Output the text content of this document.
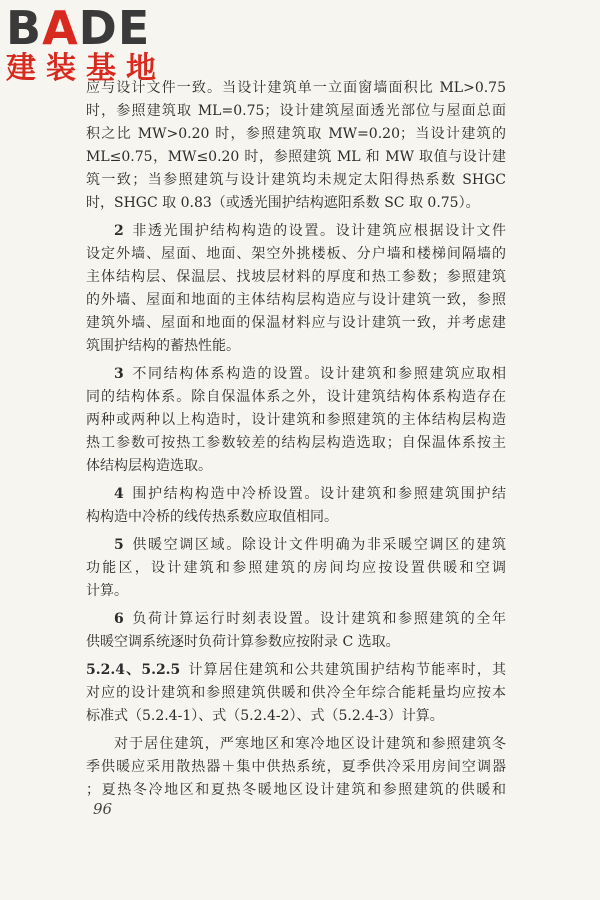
BADE
建装基地
应与设计文件一致。当设计建筑单一立面窗墙面积比 ML>0.75
时，参照建筑取 ML=0.75；设计建筑屋面透光部位与屋面总面
积之比 MW>0.20 时，参照建筑取 MW=0.20；当设计建筑的
ML≤0.75，MW≤0.20 时，参照建筑 ML 和 MW 取值与设计建
筑一致；当参照建筑与设计建筑均未规定太阳得热系数 SHGC
时，SHGC 取 0.83（或透光围护结构遮阳系数 SC 取 0.75）。
2  非透光围护结构构造的设置。设计建筑应根据设计文件
设定外墙、屋面、地面、架空外挑楼板、分户墙和楼梯间隔墙的
主体结构层、保温层、找坡层材料的厚度和热工参数；参照建筑
的外墙、屋面和地面的主体结构层构造应与设计建筑一致，参照
建筑外墙、屋面和地面的保温材料应与设计建筑一致，并考虑建
筑围护结构的蓄热性能。
3  不同结构体系构造的设置。设计建筑和参照建筑应取相
同的结构体系。除自保温体系之外，设计建筑结构体系构造存在
两种或两种以上构造时，设计建筑和参照建筑的主体结构层构造
热工参数可按热工参数较差的结构层构造选取；自保温体系按主
体结构层构造选取。
4  围护结构构造中冷桥设置。设计建筑和参照建筑围护结
构构造中冷桥的线传热系数应取值相同。
5  供暖空调区域。除设计文件明确为非采暖空调区的建筑
功能区，设计建筑和参照建筑的房间均应按设置供暖和空调
计算。
6  负荷计算运行时刻表设置。设计建筑和参照建筑的全年
供暖空调系统逐时负荷计算参数应按附录 C 选取。
5.2.4、5.2.5  计算居住建筑和公共建筑围护结构节能率时，其
对应的设计建筑和参照建筑供暖和供冷全年综合能耗量均应按本
标准式（5.2.4-1）、式（5.2.4-2）、式（5.2.4-3）计算。
对于居住建筑，严寒地区和寒冷地区设计建筑和参照建筑冬
季供暖应采用散热器＋集中供热系统，夏季供冷采用房间空调器
；夏热冬冷地区和夏热冬暖地区设计建筑和参照建筑的供暖和
96
